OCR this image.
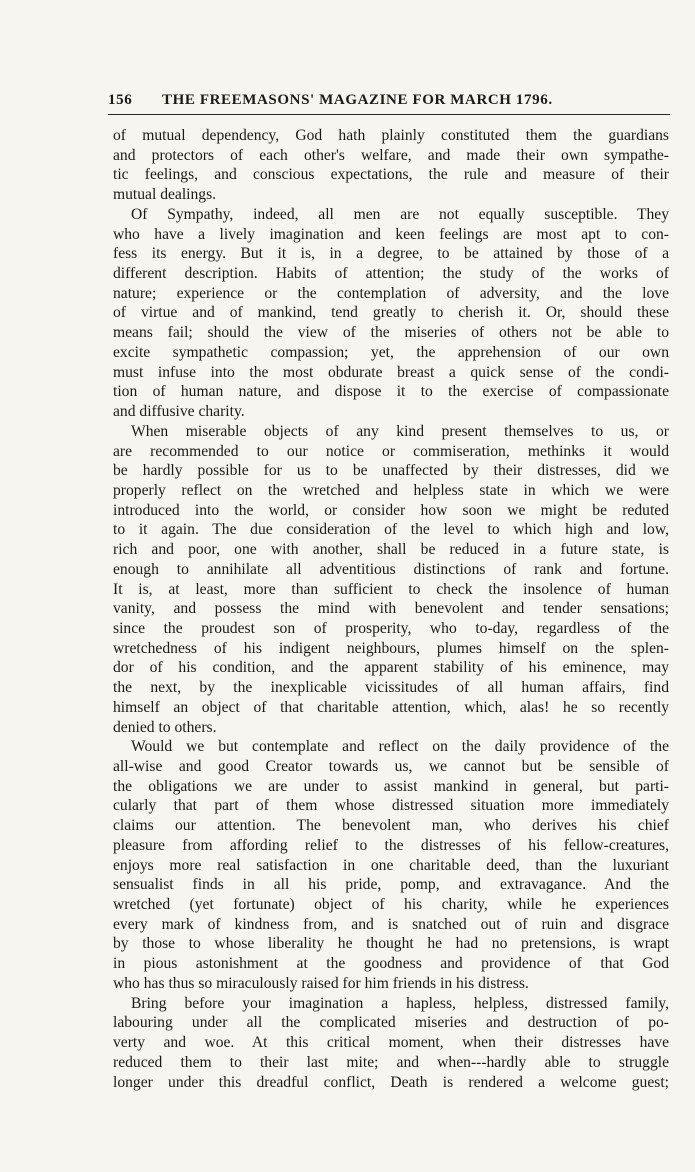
156 THE FREEMASONS' MAGAZINE FOR MARCH 1796.
of mutual dependency, God hath plainly constituted them the guardians
and protectors of each other's welfare, and made their own sympathe-
tic feelings, and conscious expectations, the rule and measure of their
mutual dealings.
Of Sympathy, indeed, all men are not equally susceptible. They
who have a lively imagination and keen feelings are most apt to con-
fess its energy. But it is, in a degree, to be attained by those of a
different description. Habits of attention; the study of the works of
nature; experience or the contemplation of adversity, and the love
of virtue and of mankind, tend greatly to cherish it. Or, should these
means fail; should the view of the miseries of others not be able to
excite sympathetic compassion; yet, the apprehension of our own
must infuse into the most obdurate breast a quick sense of the condi-
tion of human nature, and dispose it to the exercise of compassionate
and diffusive charity.
When miserable objects of any kind present themselves to us, or
are recommended to our notice or commiseration, methinks it would
be hardly possible for us to be unaffected by their distresses, did we
properly reflect on the wretched and helpless state in which we were
introduced into the world, or consider how soon we might be reduted
to it again. The due consideration of the level to which high and low,
rich and poor, one with another, shall be reduced in a future state, is
enough to annihilate all adventitious distinctions of rank and fortune.
It is, at least, more than sufficient to check the insolence of human
vanity, and possess the mind with benevolent and tender sensations;
since the proudest son of prosperity, who to-day, regardless of the
wretchedness of his indigent neighbours, plumes himself on the splen-
dor of his condition, and the apparent stability of his eminence, may
the next, by the inexplicable vicissitudes of all human affairs, find
himself an object of that charitable attention, which, alas! he so recently
denied to others.
Would we but contemplate and reflect on the daily providence of the
all-wise and good Creator towards us, we cannot but be sensible of
the obligations we are under to assist mankind in general, but parti-
cularly that part of them whose distressed situation more immediately
claims our attention. The benevolent man, who derives his chief
pleasure from affording relief to the distresses of his fellow-creatures,
enjoys more real satisfaction in one charitable deed, than the luxuriant
sensualist finds in all his pride, pomp, and extravagance. And the
wretched (yet fortunate) object of his charity, while he experiences
every mark of kindness from, and is snatched out of ruin and disgrace
by those to whose liberality he thought he had no pretensions, is wrapt
in pious astonishment at the goodness and providence of that God
who has thus so miraculously raised for him friends in his distress.
Bring before your imagination a hapless, helpless, distressed family,
labouring under all the complicated miseries and destruction of po-
verty and woe. At this critical moment, when their distresses have
reduced them to their last mite; and when---hardly able to struggle
longer under this dreadful conflict, Death is rendered a welcome guest;
